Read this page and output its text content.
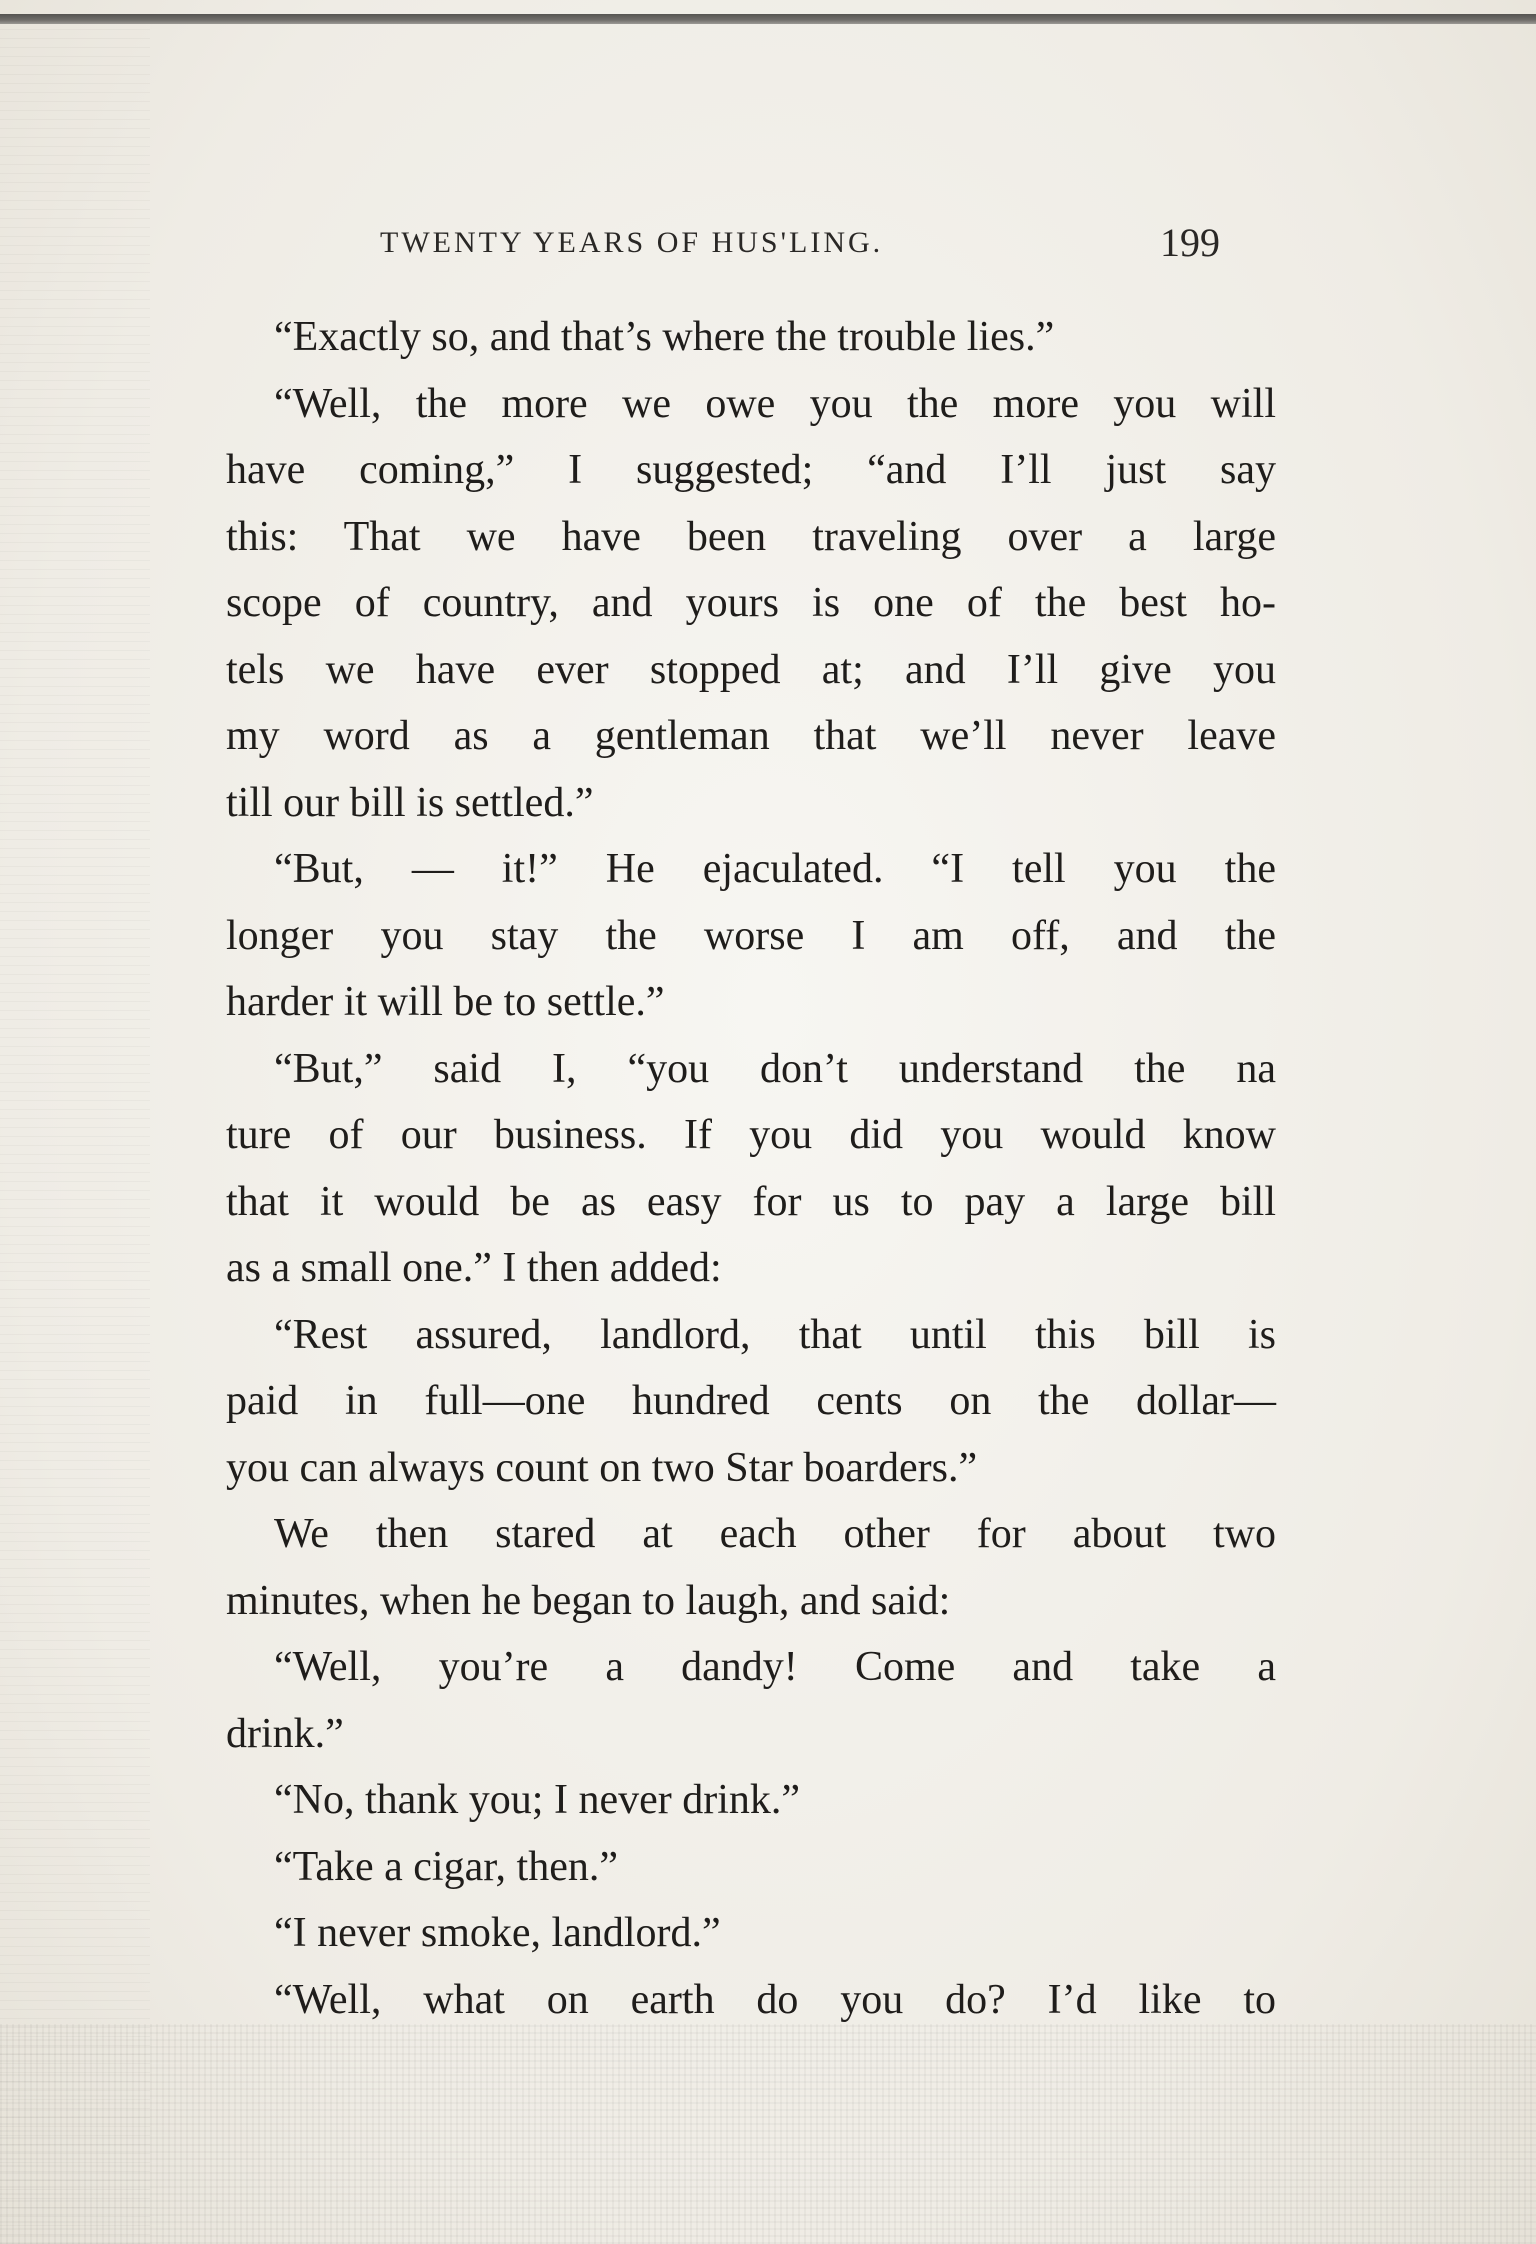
TWENTY YEARS OF HUS'LING.	199
“Exactly so, and that’s where the trouble lies.”
“Well, the more we owe you the more you will
have coming,” I suggested; “and I’ll just say
this: That we have been traveling over a large
scope of country, and yours is one of the best ho-
tels we have ever stopped at; and I’ll give you
my word as a gentleman that we’ll never leave
till our bill is settled.”
“But, — it!” He ejaculated. “I tell you the
longer you stay the worse I am off, and the
harder it will be to settle.”
“But,” said I, “you don’t understand the na
ture of our business. If you did you would know
that it would be as easy for us to pay a large bill
as a small one.” I then added:
“Rest assured, landlord, that until this bill is
paid in full—one hundred cents on the dollar—
you can always count on two Star boarders.”
We then stared at each other for about two
minutes, when he began to laugh, and said:
“Well, you’re a dandy! Come and take a
drink.”
“No, thank you; I never drink.”
“Take a cigar, then.”
“I never smoke, landlord.”
“Well, what on earth do you do? I’d like to
